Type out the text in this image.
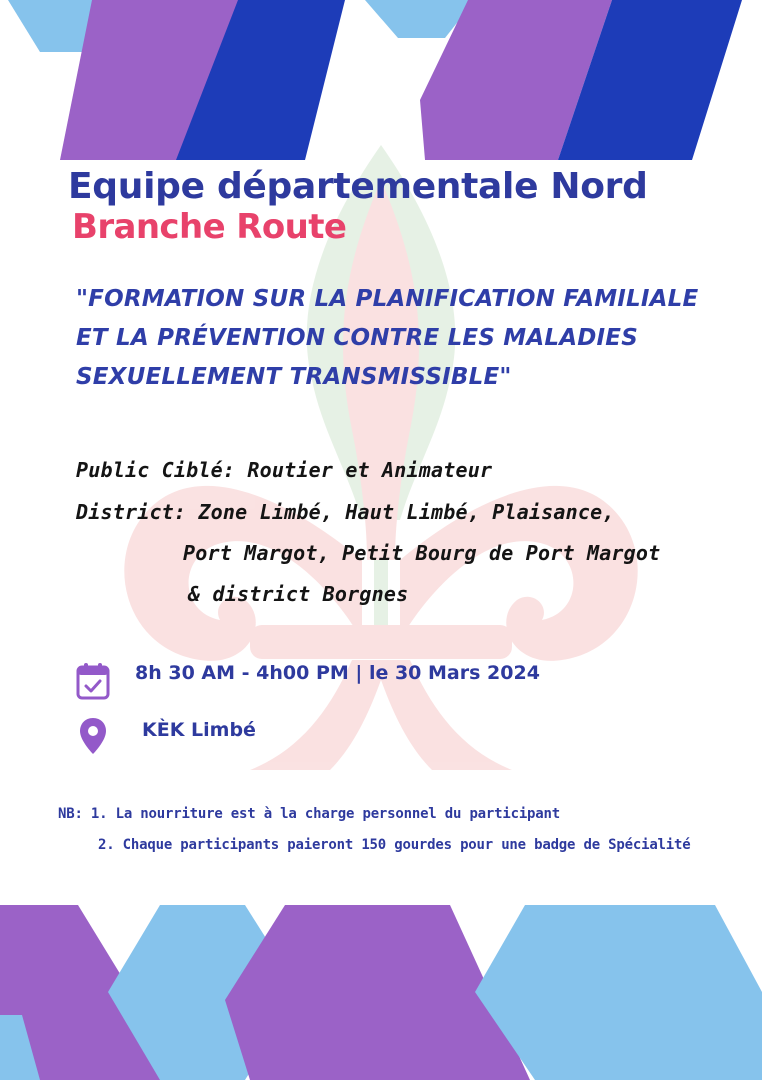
Equipe départementale Nord
Branche Route
"FORMATION SUR LA PLANIFICATION FAMILIALE
ET LA PRÉVENTION CONTRE LES MALADIES
SEXUELLEMENT TRANSMISSIBLE"
Public Ciblé: Routier et Animateur
District: Zone Limbé, Haut Limbé, Plaisance,
Port Margot, Petit Bourg de Port Margot
& district Borgnes
8h 30 AM - 4h00 PM | le 30 Mars 2024
KÈK Limbé
NB: 1. La nourriture est à la charge personnel du participant
2. Chaque participants paieront 150 gourdes pour une badge de Spécialité
